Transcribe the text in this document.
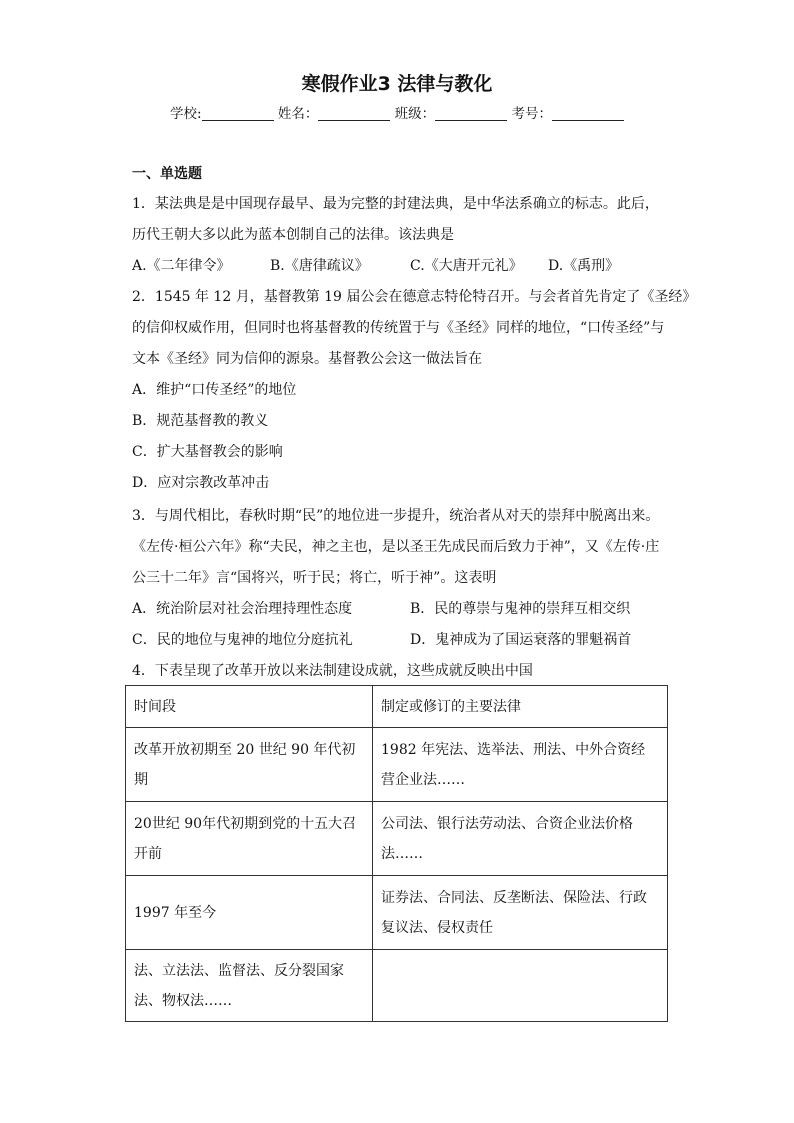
寒假作业3 法律与教化
学校:	姓名：	班级：	考号：
一、单选题
1．某法典是是中国现存最早、最为完整的封建法典，是中华法系确立的标志。此后，
历代王朝大多以此为蓝本创制自己的法律。该法典是
A.《二年律令》	B.《唐律疏议》	C.《大唐开元礼》 D.《禹刑》
2．1545 年 12 月，基督教第 19 届公会在德意志特伦特召开。与会者首先肯定了《圣经》
的信仰权威作用，但同时也将基督教的传统置于与《圣经》同样的地位，“口传圣经”与
文本《圣经》同为信仰的源泉。基督教公会这一做法旨在
A．维护“口传圣经”的地位
B．规范基督教的教义
C．扩大基督教会的影响
D．应对宗教改革冲击
3．与周代相比，春秋时期“民”的地位进一步提升，统治者从对天的崇拜中脱离出来。
《左传·桓公六年》称“夫民，神之主也，是以圣王先成民而后致力于神”，又《左传·庄
公三十二年》言“国将兴，听于民；将亡，听于神”。这表明
A．统治阶层对社会治理持理性态度	B．民的尊崇与鬼神的崇拜互相交织
C．民的地位与鬼神的地位分庭抗礼	D．鬼神成为了国运衰落的罪魁祸首
4．下表呈现了改革开放以来法制建设成就，这些成就反映出中国
时间段	制定或修订的主要法律
改革开放初期至 20 世纪 90 年代初期	1982 年宪法、选举法、刑法、中外合资经营企业法……
20世纪 90年代初期到党的十五大召开前	公司法、银行法劳动法、合资企业法价格法……
1997 年至今	证券法、合同法、反垄断法、保险法、行政复议法、侵权责任
法、立法法、监督法、反分裂国家法、物权法……	
